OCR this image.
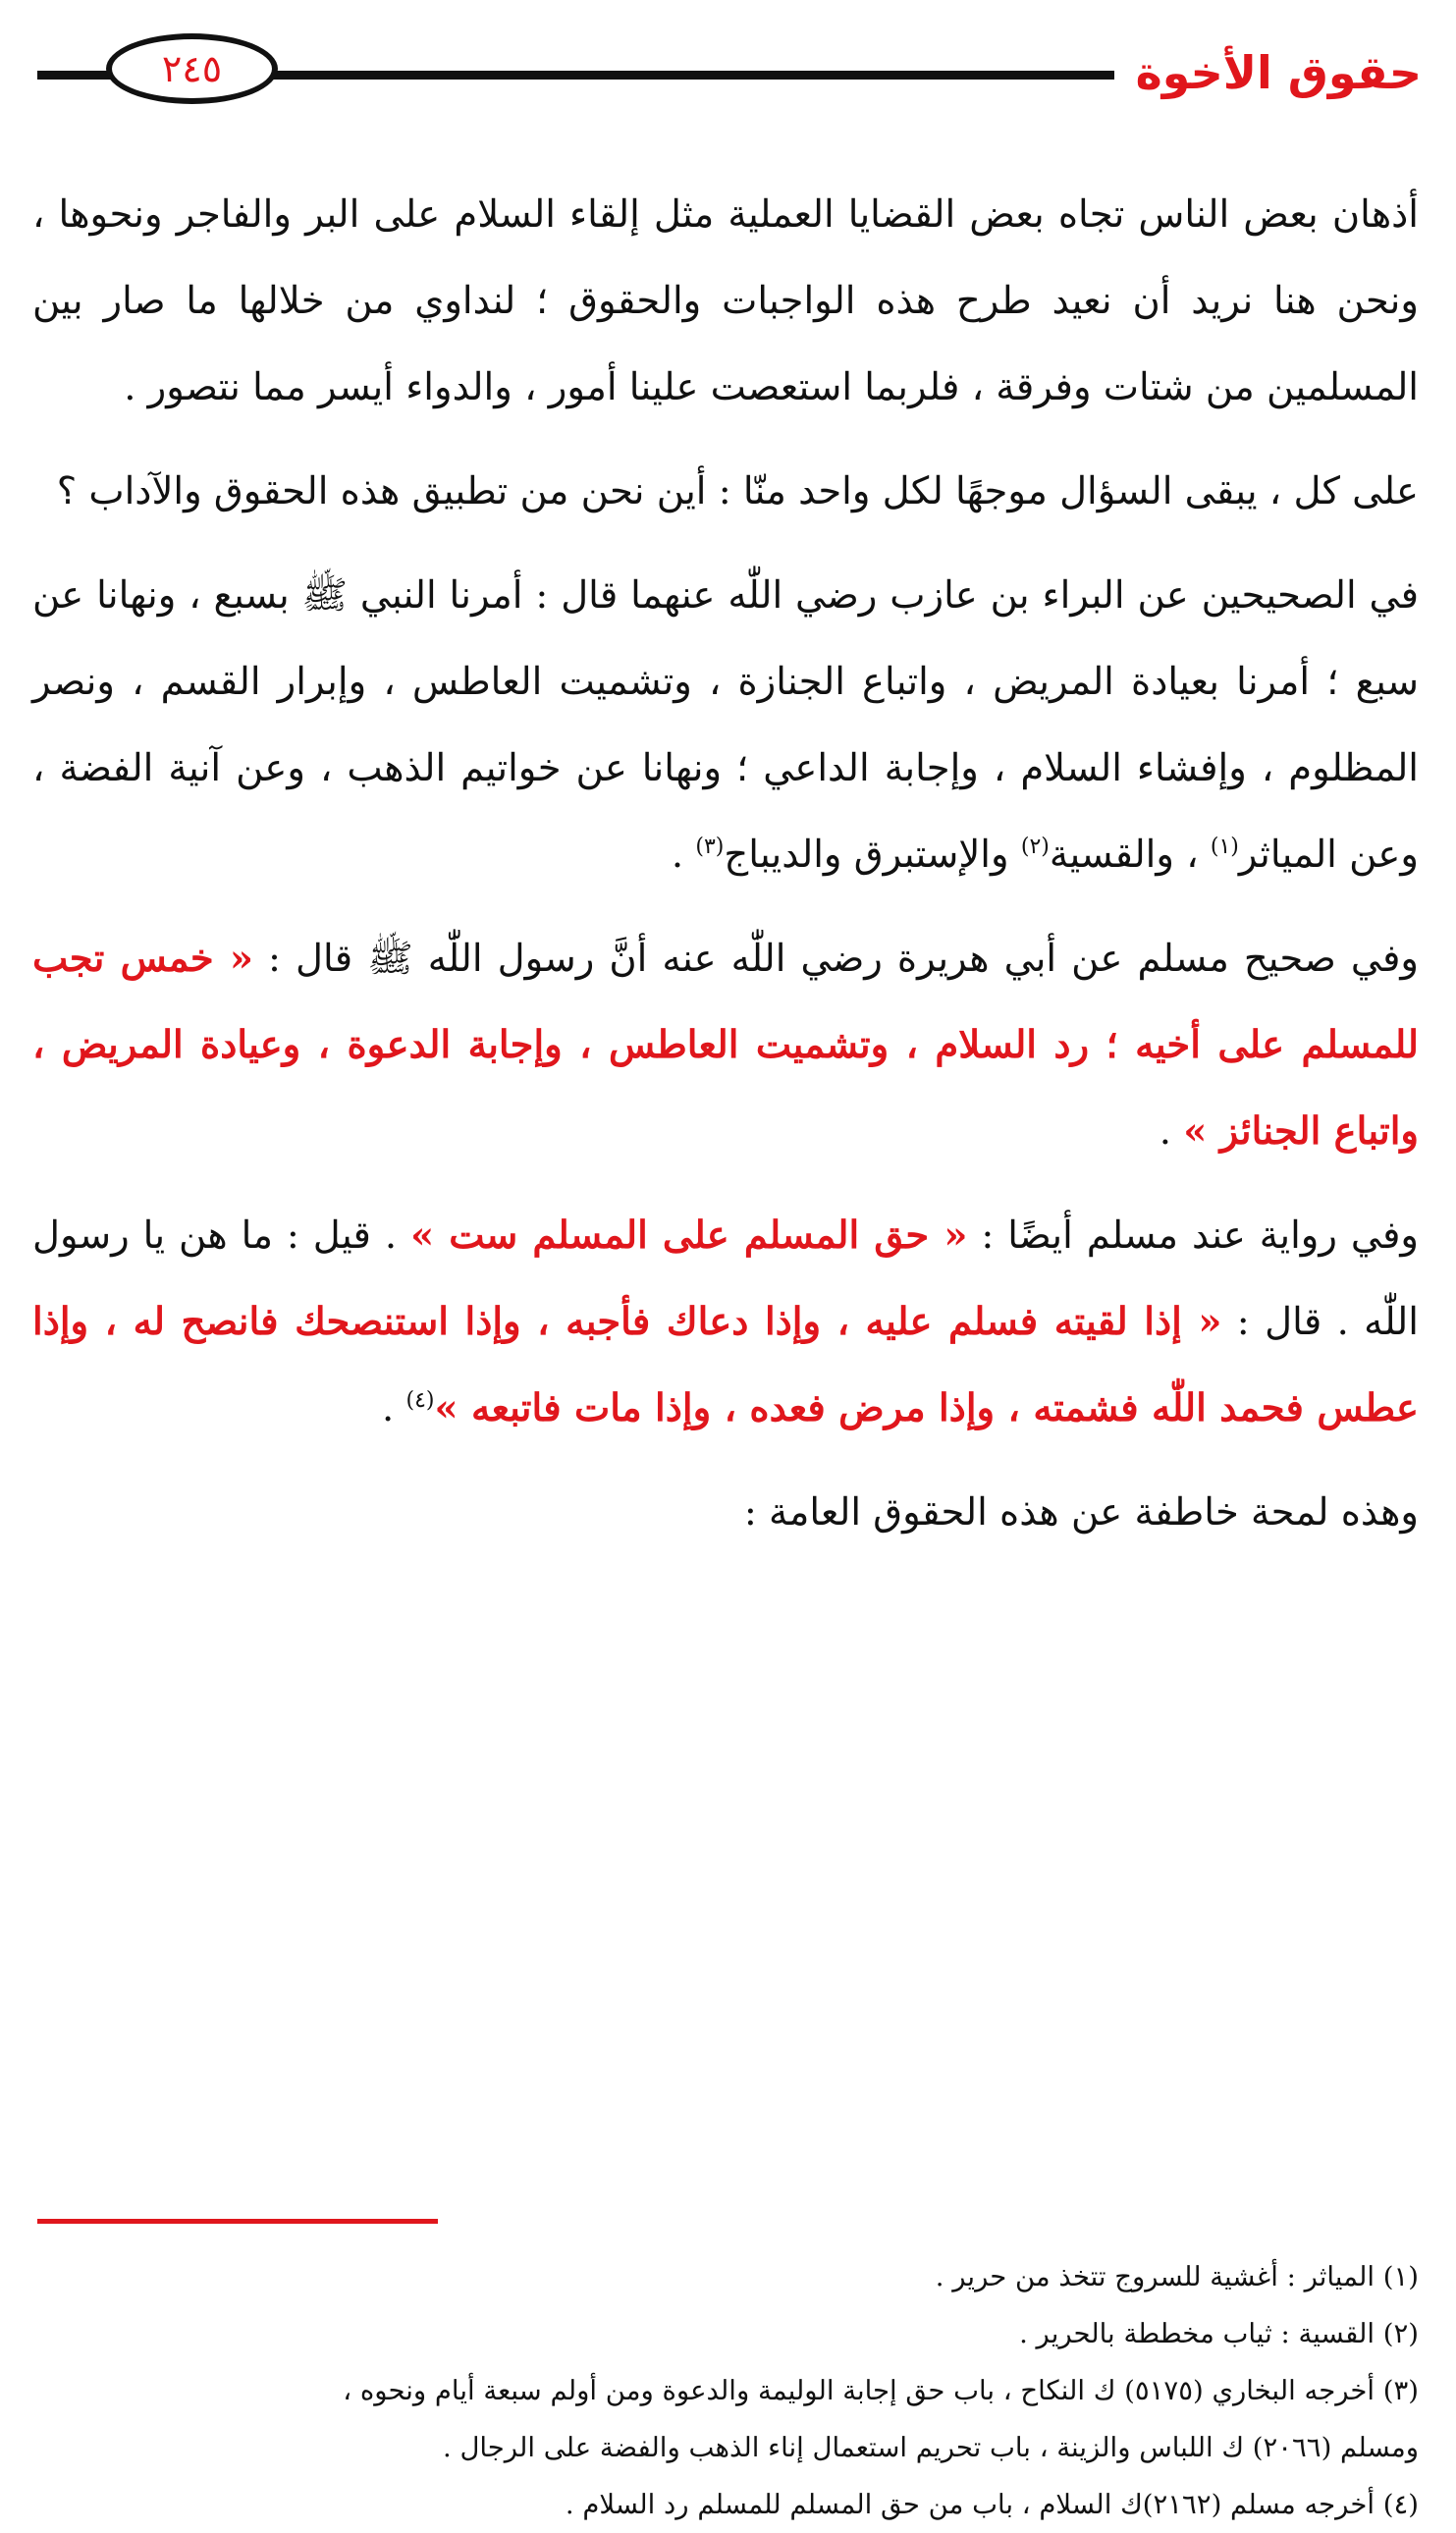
حقوق الأخوة
٢٤٥

أذهان بعض الناس تجاه بعض القضايا العملية مثل إلقاء السلام على البر والفاجر ونحوها ، ونحن هنا نريد أن نعيد طرح هذه الواجبات والحقوق ؛ لنداوي من خلالها ما صار بين المسلمين من شتات وفرقة ، فلربما استعصت علينا أمور ، والدواء أيسر مما نتصور .

على كل ، يبقى السؤال موجهًا لكل واحد منّا : أين نحن من تطبيق هذه الحقوق والآداب ؟

في الصحيحين عن البراء بن عازب رضي اللّٰه عنهما قال : أمرنا النبي ﷺ بسبع ، ونهانا عن سبع ؛ أمرنا بعيادة المريض ، واتباع الجنازة ، وتشميت العاطس ، وإبرار القسم ، ونصر المظلوم ، وإفشاء السلام ، وإجابة الداعي ؛ ونهانا عن خواتيم الذهب ، وعن آنية الفضة ، وعن المياثر$^{(١)}$ ، والقسية$^{(٢)}$ والإستبرق والديباج$^{(٣)}$ .

وفي صحيح مسلم عن أبي هريرة رضي اللّٰه عنه أنَّ رسول اللّٰه ﷺ قال : « خمس تجب للمسلم على أخيه ؛ رد السلام ، وتشميت العاطس ، وإجابة الدعوة ، وعيادة المريض ، واتباع الجنائز » .

وفي رواية عند مسلم أيضًا : « حق المسلم على المسلم ست » . قيل : ما هن يا رسول اللّٰه . قال : « إذا لقيته فسلم عليه ، وإذا دعاك فأجبه ، وإذا استنصحك فانصح له ، وإذا عطس فحمد اللّٰه فشمته ، وإذا مرض فعده ، وإذا مات فاتبعه »$^{(٤)}$ .

وهذه لمحة خاطفة عن هذه الحقوق العامة :

(١) المياثر : أغشية للسروج تتخذ من حرير .

(٢) القسية : ثياب مخططة بالحرير .

(٣) أخرجه البخاري (٥١٧٥) ك النكاح ، باب حق إجابة الوليمة والدعوة ومن أولم سبعة أيام ونحوه ،

ومسلم (٢٠٦٦) ك اللباس والزينة ، باب تحريم استعمال إناء الذهب والفضة على الرجال .

(٤) أخرجه مسلم (٢١٦٢)ك السلام ، باب من حق المسلم للمسلم رد السلام .
